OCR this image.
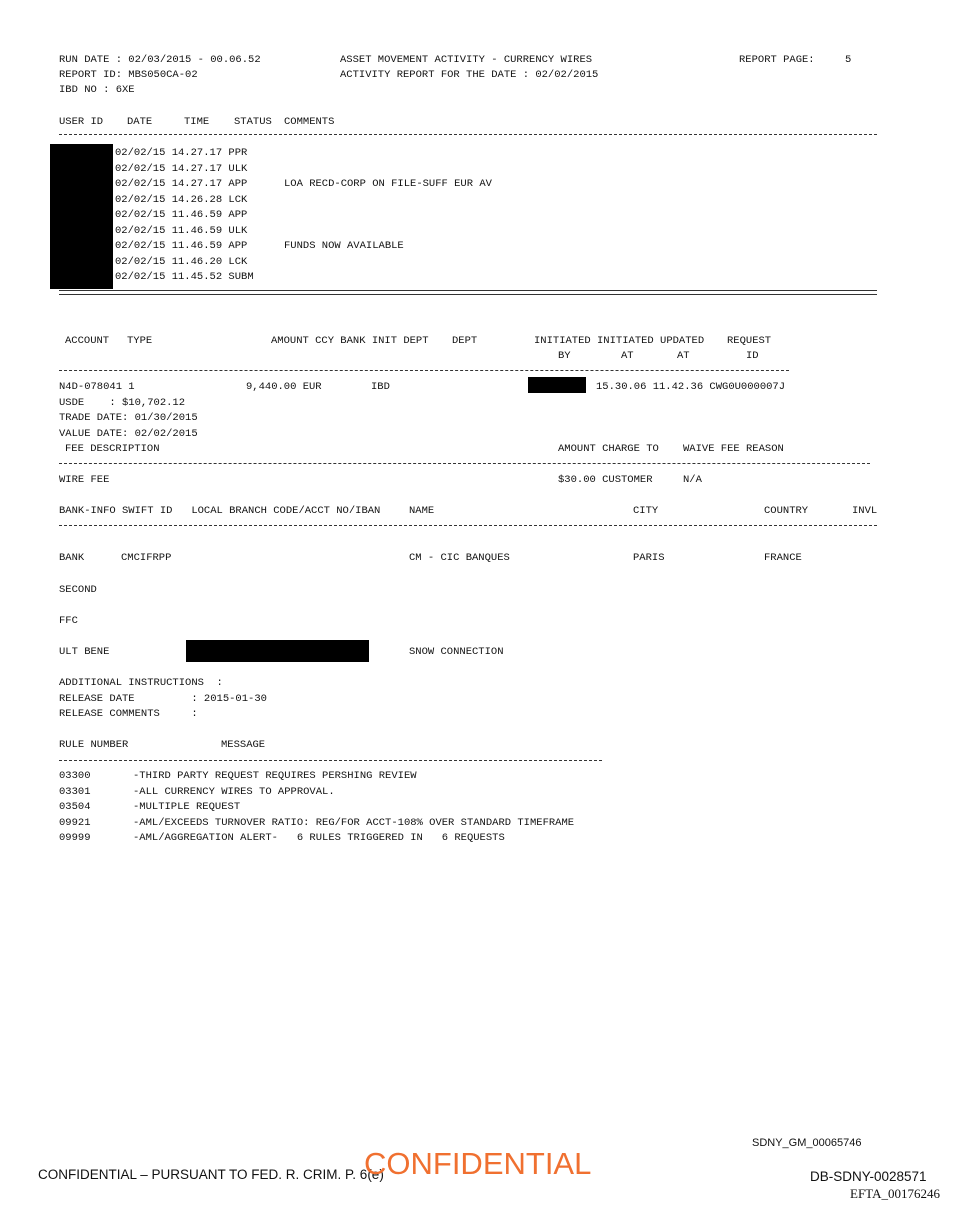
RUN DATE : 02/03/2015 - 00.06.52
REPORT ID: MBS050CA-02
IBD NO : 6XE
ASSET MOVEMENT ACTIVITY - CURRENCY WIRES
ACTIVITY REPORT FOR THE DATE : 02/02/2015
REPORT PAGE:	5
USER ID DATE	TIME STATUS COMMENTS
02/02/15 14.27.17 PPR
02/02/15 14.27.17 ULK
02/02/15 14.27.17 APP	LOA RECD-CORP ON FILE-SUFF EUR AV
02/02/15 14.26.28 LCK
02/02/15 11.46.59 APP
02/02/15 11.46.59 ULK
02/02/15 11.46.59 APP	FUNDS NOW AVAILABLE
02/02/15 11.46.20 LCK
02/02/15 11.45.52 SUBM
ACCOUNT TYPE	AMOUNT CCY BANK INIT DEPT DEPT	INITIATED INITIATED UPDATED REQUEST
BY	AT	AT	ID
N4D-078041 1	9,440.00 EUR	IBD	15.30.06 11.42.36 CWG0U000007J
USDE    : $10,702.12
TRADE DATE: 01/30/2015
VALUE DATE: 02/02/2015
FEE DESCRIPTION	AMOUNT CHARGE TO WAIVE FEE REASON
WIRE FEE	$30.00 CUSTOMER	N/A
BANK-INFO SWIFT ID   LOCAL BRANCH CODE/ACCT NO/IBAN	NAME	CITY	COUNTRY	INVL
BANK	CMCIFRPP	CM - CIC BANQUES	PARIS	FRANCE
SECOND
FFC
ULT BENE	SNOW CONNECTION
ADDITIONAL INSTRUCTIONS  :
RELEASE DATE         : 2015-01-30
RELEASE COMMENTS     :
RULE NUMBER	MESSAGE
03300	-THIRD PARTY REQUEST REQUIRES PERSHING REVIEW
03301	-ALL CURRENCY WIRES TO APPROVAL.
03504	-MULTIPLE REQUEST
09921	-AML/EXCEEDS TURNOVER RATIO: REG/FOR ACCT-108% OVER STANDARD TIMEFRAME
09999	-AML/AGGREGATION ALERT-   6 RULES TRIGGERED IN   6 REQUESTS
SDNY_GM_00065746
CONFIDENTIAL – PURSUANT TO FED. R. CRIM. P. 6(e)
CONFIDENTIAL	DB-SDNY-0028571
EFTA_00176246
